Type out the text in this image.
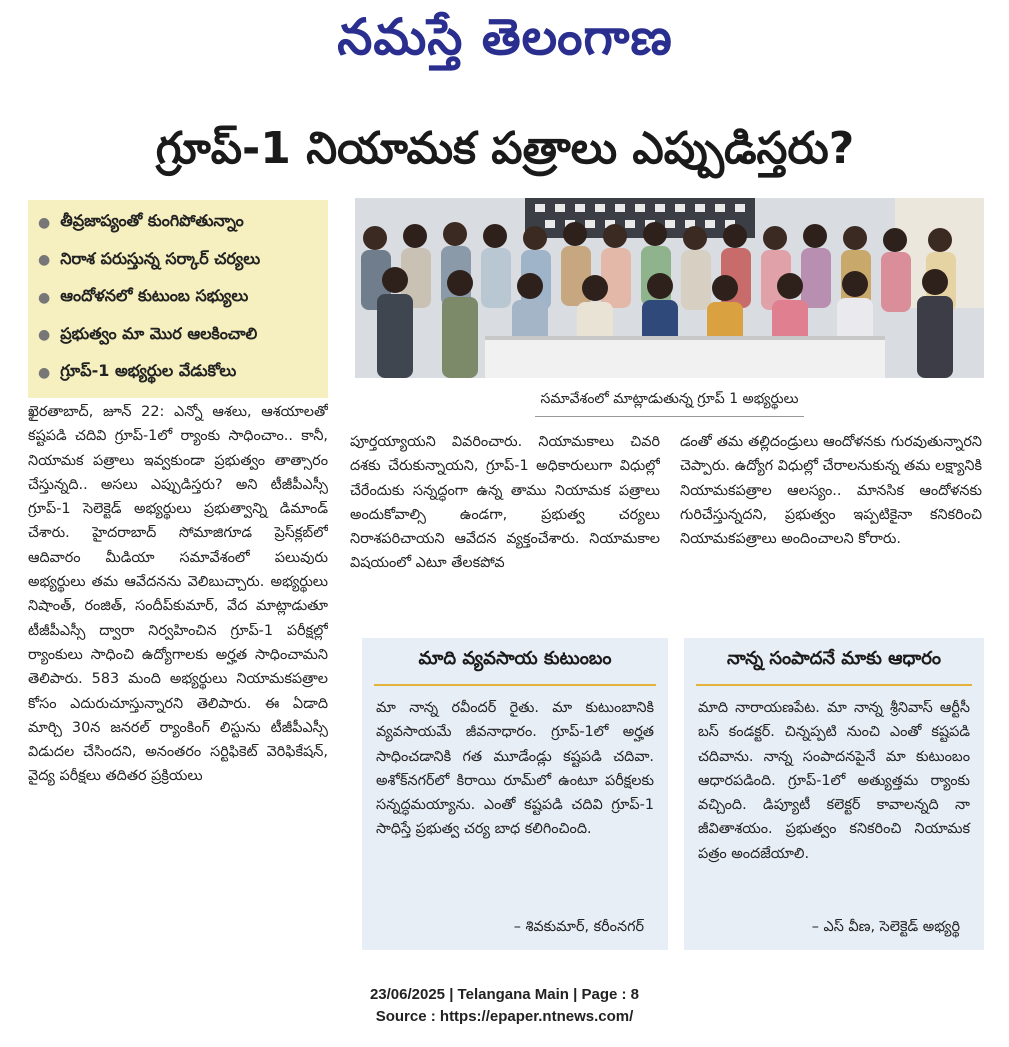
నమస్తే తెలంగాణ
గ్రూప్-1 నియామక పత్రాలు ఎప్పుడిస్తరు?
● తీవ్రజాప్యంతో కుంగిపోతున్నాం
● నిరాశ పరుస్తున్న సర్కార్ చర్యలు
● ఆందోళనలో కుటుంబ సభ్యులు
● ప్రభుత్వం మా మొర ఆలకించాలి
● గ్రూప్-1 అభ్యర్థుల వేడుకోలు
సమావేశంలో మాట్లాడుతున్న గ్రూప్ 1 అభ్యర్థులు
ఖైరతాబాద్, జూన్ 22: ఎన్నో ఆశలు, ఆశయాలతో కష్టపడి చదివి గ్రూప్-1లో ర్యాంకు సాధించాం.. కానీ, నియామక పత్రాలు ఇవ్వకుండా ప్రభుత్వం తాత్సారం చేస్తున్నది.. అసలు ఎప్పుడిస్తరు? అని టీజీపీఎస్సీ గ్రూప్-1 సెలెక్టెడ్ అభ్యర్థులు ప్రభుత్వాన్ని డిమాండ్ చేశారు. హైదరాబాద్ సోమాజిగూడ ప్రెస్‌క్లబ్‌లో ఆదివారం మీడియా సమావేశంలో పలువురు అభ్యర్థులు తమ ఆవేదనను వెలిబుచ్చారు. అభ్యర్థులు నిషాంత్, రంజిత్, సందీప్‌కుమార్, వేద మాట్లాడుతూ టీజీపీఎస్సీ ద్వారా నిర్వహించిన గ్రూప్-1 పరీక్షల్లో ర్యాంకులు సాధించి ఉద్యోగాలకు అర్హత సాధించామని తెలిపారు. 583 మంది అభ్యర్థులు నియామకపత్రాల కోసం ఎదురుచూస్తున్నారని తెలిపారు. ఈ ఏడాది మార్చి 30న జనరల్ ర్యాంకింగ్ లిస్టును టీజీపీఎస్సీ విడుదల చేసిందని, అనంతరం సర్టిఫికెట్ వెరిఫికేషన్, వైద్య పరీక్షలు తదితర ప్రక్రియలు
పూర్తయ్యాయని వివరించారు. నియామకాలు చివరి దశకు చేరుకున్నాయని, గ్రూప్-1 అధికారులుగా విధుల్లో చేరేందుకు సన్నద్ధంగా ఉన్న తాము నియామక పత్రాలు అందుకోవాల్సి ఉండగా, ప్రభుత్వ చర్యలు నిరాశపరిచాయని ఆవేదన వ్యక్తంచేశారు. నియామకాల విషయంలో ఎటూ తేలకపోవ
డంతో తమ తల్లిదండ్రులు ఆందోళనకు గురవుతున్నారని చెప్పారు. ఉద్యోగ విధుల్లో చేరాలనుకున్న తమ లక్ష్యానికి నియామకపత్రాల ఆలస్యం.. మానసిక ఆందోళనకు గురిచేస్తున్నదని, ప్రభుత్వం ఇప్పటికైనా కనికరించి నియామకపత్రాలు అందించాలని కోరారు.
మాది వ్యవసాయ కుటుంబం
మా నాన్న రవీందర్ రైతు. మా కుటుంబానికి వ్యవసాయమే జీవనాధారం. గ్రూప్-1లో అర్హత సాధించడానికి గత మూడేండ్లు కష్టపడి చదివా. అశోక్‌నగర్‌లో కిరాయి రూమ్‌లో ఉంటూ పరీక్షలకు సన్నద్ధమయ్యాను. ఎంతో కష్టపడి చదివి గ్రూప్-1 సాధిస్తే ప్రభుత్వ చర్య బాధ కలిగించింది.
– శివకుమార్, కరీంనగర్
నాన్న సంపాదనే మాకు ఆధారం
మాది నారాయణపేట. మా నాన్న శ్రీనివాస్ ఆర్టీసీ బస్ కండక్టర్. చిన్నప్పటి నుంచి ఎంతో కష్టపడి చదివాను. నాన్న సంపాదనపైనే మా కుటుంబం ఆధారపడింది. గ్రూప్-1లో అత్యుత్తమ ర్యాంకు వచ్చింది. డిప్యూటీ కలెక్టర్ కావాలన్నది నా జీవితాశయం. ప్రభుత్వం కనికరించి నియామక పత్రం అందజేయాలి.
– ఎస్ వీణ, సెలెక్టెడ్ అభ్యర్థి
23/06/2025 | Telangana Main | Page : 8
Source : https://epaper.ntnews.com/
